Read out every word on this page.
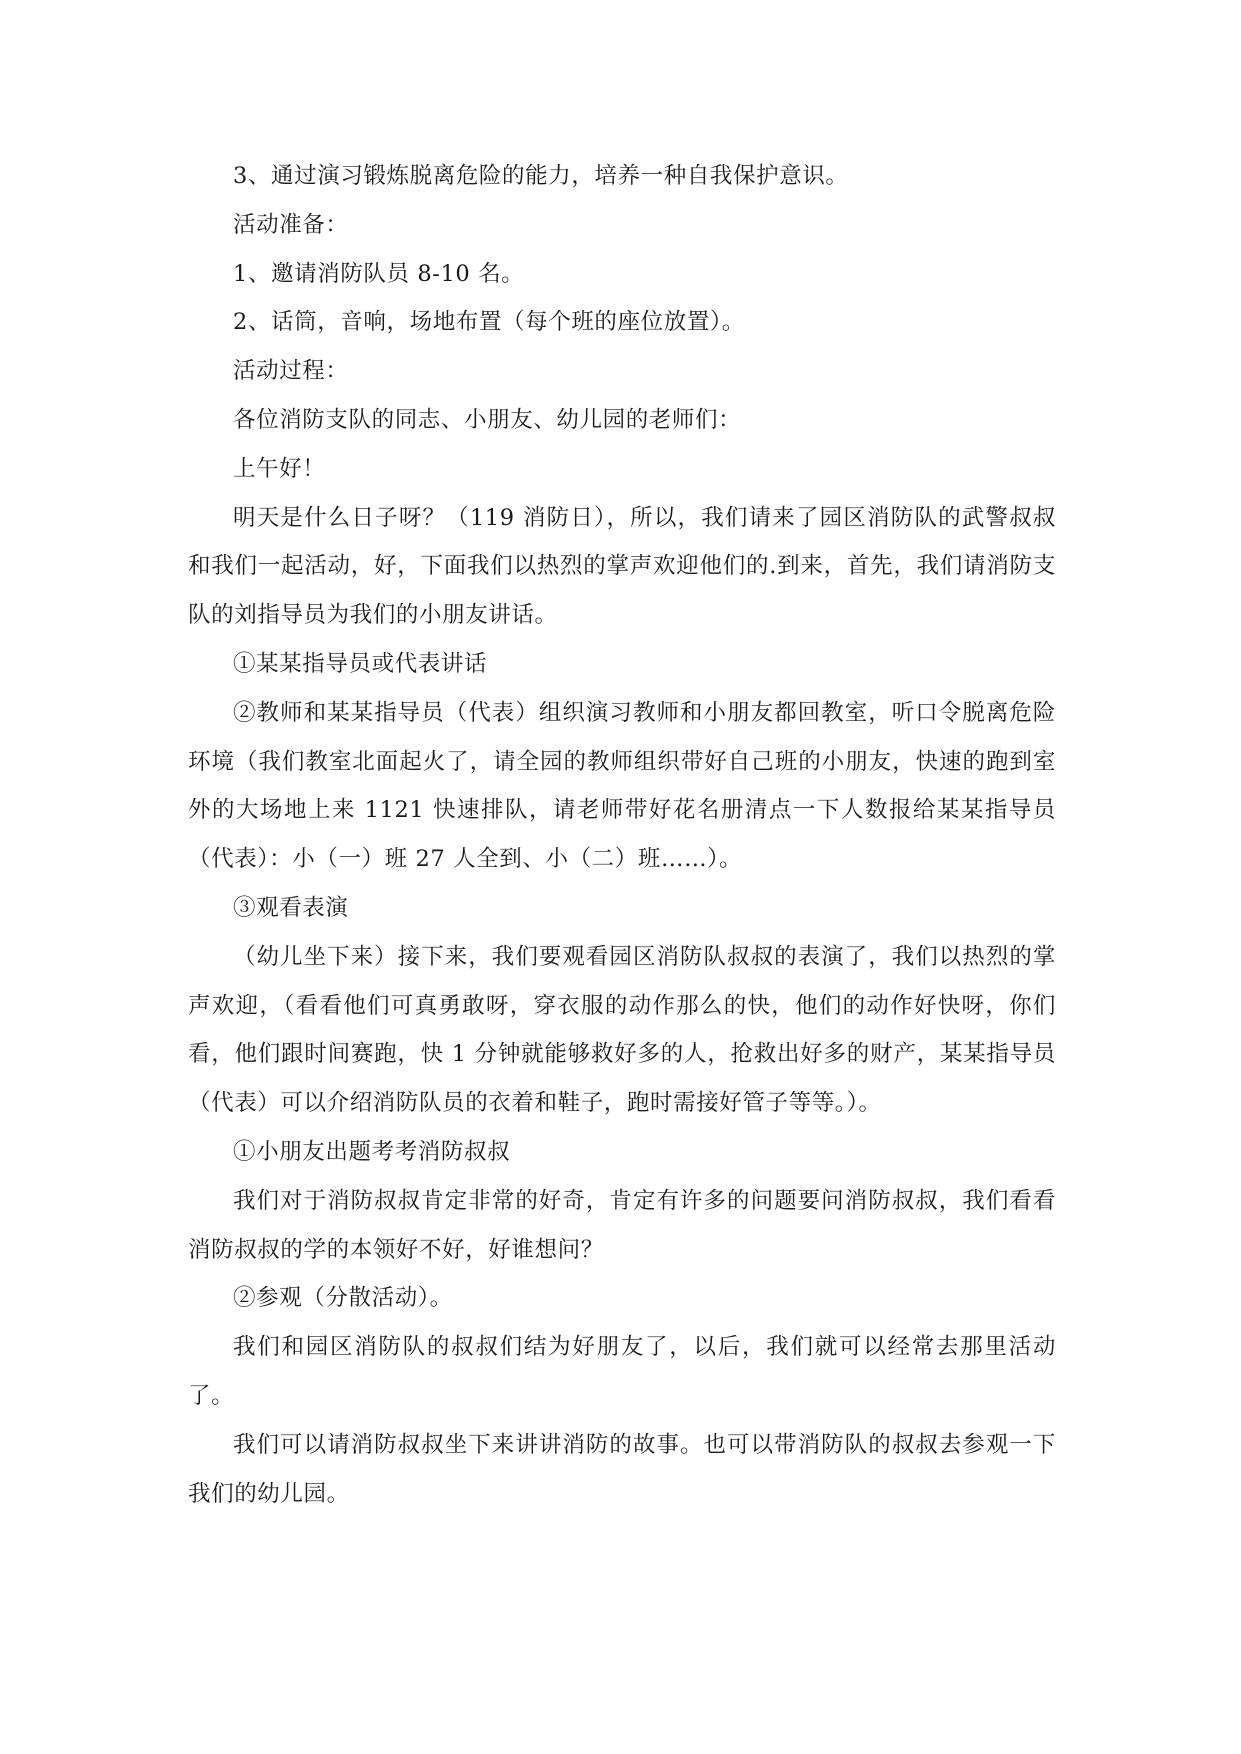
3、通过演习锻炼脱离危险的能力，培养一种自我保护意识。

活动准备：

1、邀请消防队员 8-10 名。

2、话筒，音响，场地布置（每个班的座位放置）。

活动过程：

各位消防支队的同志、小朋友、幼儿园的老师们：

上午好！

明天是什么日子呀？（119 消防日），所以，我们请来了园区消防队的武警叔叔和我们一起活动，好，下面我们以热烈的掌声欢迎他们的.到来，首先，我们请消防支队的刘指导员为我们的小朋友讲话。

①某某指导员或代表讲话

②教师和某某指导员（代表）组织演习教师和小朋友都回教室，听口令脱离危险环境（我们教室北面起火了，请全园的教师组织带好自己班的小朋友，快速的跑到室外的大场地上来 1121 快速排队，请老师带好花名册清点一下人数报给某某指导员（代表）：小（一）班 27 人全到、小（二）班……）。

③观看表演

（幼儿坐下来）接下来，我们要观看园区消防队叔叔的表演了，我们以热烈的掌声欢迎，（看看他们可真勇敢呀，穿衣服的动作那么的快，他们的动作好快呀，你们看，他们跟时间赛跑，快 1 分钟就能够救好多的人，抢救出好多的财产，某某指导员（代表）可以介绍消防队员的衣着和鞋子，跑时需接好管子等等。）。

①小朋友出题考考消防叔叔

我们对于消防叔叔肯定非常的好奇，肯定有许多的问题要问消防叔叔，我们看看消防叔叔的学的本领好不好，好谁想问？

②参观（分散活动）。

我们和园区消防队的叔叔们结为好朋友了，以后，我们就可以经常去那里活动了。

我们可以请消防叔叔坐下来讲讲消防的故事。也可以带消防队的叔叔去参观一下我们的幼儿园。
